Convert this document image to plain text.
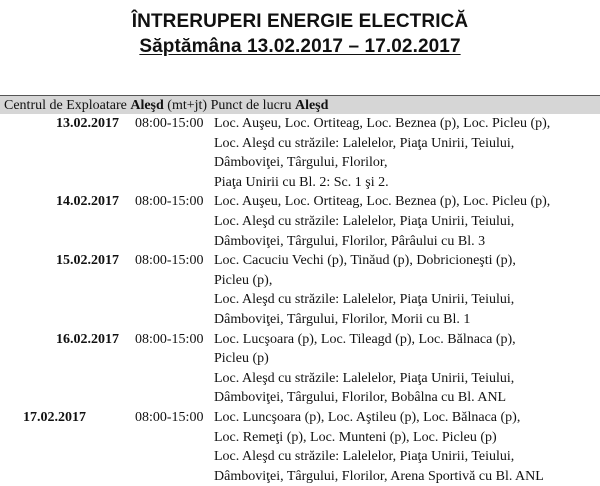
ÎNTRERUPERI ENERGIE ELECTRICĂ
Săptămâna 13.02.2017 – 17.02.2017
Centrul de Exploatare Aleşd (mt+jt) Punct de lucru Aleşd
13.02.2017 08:00-15:00 Loc. Auşeu, Loc. Ortiteag, Loc. Beznea (p), Loc. Picleu (p),
Loc. Aleşd cu străzile: Lalelelor, Piaţa Unirii, Teiului,
Dâmboviţei, Târgului, Florilor,
Piaţa Unirii cu Bl. 2: Sc. 1 şi 2.
14.02.2017 08:00-15:00 Loc. Auşeu, Loc. Ortiteag, Loc. Beznea (p), Loc. Picleu (p),
Loc. Aleşd cu străzile: Lalelelor, Piaţa Unirii, Teiului,
Dâmboviţei, Târgului, Florilor, Pârâului cu Bl. 3
15.02.2017 08:00-15:00 Loc. Cacuciu Vechi (p), Tinăud (p), Dobricioneşti (p),
Picleu (p),
Loc. Aleşd cu străzile: Lalelelor, Piaţa Unirii, Teiului,
Dâmboviţei, Târgului, Florilor, Morii cu Bl. 1
16.02.2017 08:00-15:00 Loc. Lucşoara (p), Loc. Tileagd (p), Loc. Bălnaca (p),
Picleu (p)
Loc. Aleşd cu străzile: Lalelelor, Piaţa Unirii, Teiului,
Dâmboviţei, Târgului, Florilor, Bobâlna cu Bl. ANL
17.02.2017	08:00-15:00 Loc. Luncşoara (p), Loc. Aştileu (p), Loc. Bălnaca (p),
Loc. Remeţi (p), Loc. Munteni (p), Loc. Picleu (p)
Loc. Aleşd cu străzile: Lalelelor, Piaţa Unirii, Teiului,
Dâmboviţei, Târgului, Florilor, Arena Sportivă cu Bl. ANL
